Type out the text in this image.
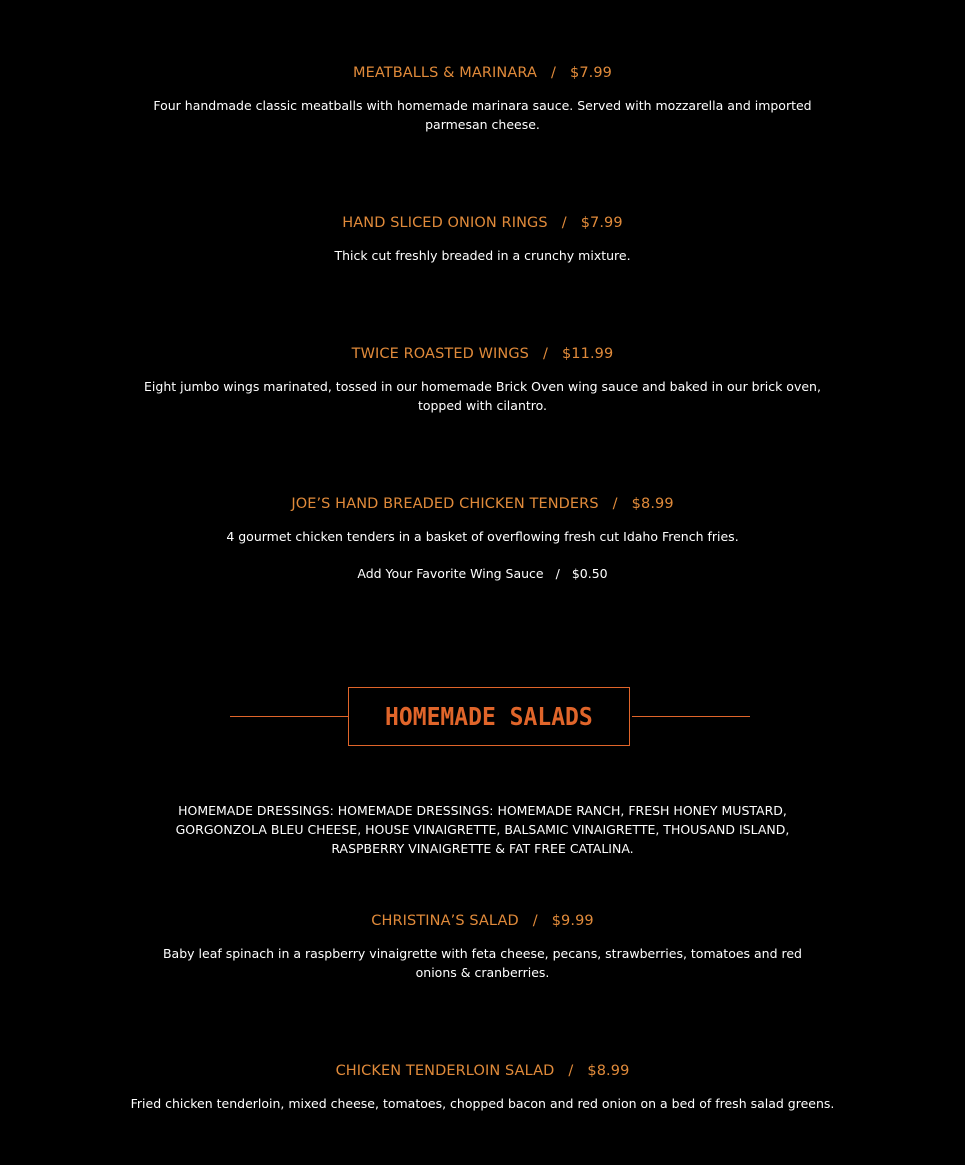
MEATBALLS & MARINARA / $7.99
Four handmade classic meatballs with homemade marinara sauce. Served with mozzarella and imported parmesan cheese.
HAND SLICED ONION RINGS / $7.99
Thick cut freshly breaded in a crunchy mixture.
TWICE ROASTED WINGS / $11.99
Eight jumbo wings marinated, tossed in our homemade Brick Oven wing sauce and baked in our brick oven, topped with cilantro.
JOE’S HAND BREADED CHICKEN TENDERS / $8.99
4 gourmet chicken tenders in a basket of overflowing fresh cut Idaho French fries.
Add Your Favorite Wing Sauce / $0.50
HOMEMADE SALADS
HOMEMADE DRESSINGS: HOMEMADE DRESSINGS: HOMEMADE RANCH, FRESH HONEY MUSTARD, GORGONZOLA BLEU CHEESE, HOUSE VINAIGRETTE, BALSAMIC VINAIGRETTE, THOUSAND ISLAND, RASPBERRY VINAIGRETTE & FAT FREE CATALINA.
CHRISTINA’S SALAD / $9.99
Baby leaf spinach in a raspberry vinaigrette with feta cheese, pecans, strawberries, tomatoes and red onions & cranberries.
CHICKEN TENDERLOIN SALAD / $8.99
Fried chicken tenderloin, mixed cheese, tomatoes, chopped bacon and red onion on a bed of fresh salad greens.
